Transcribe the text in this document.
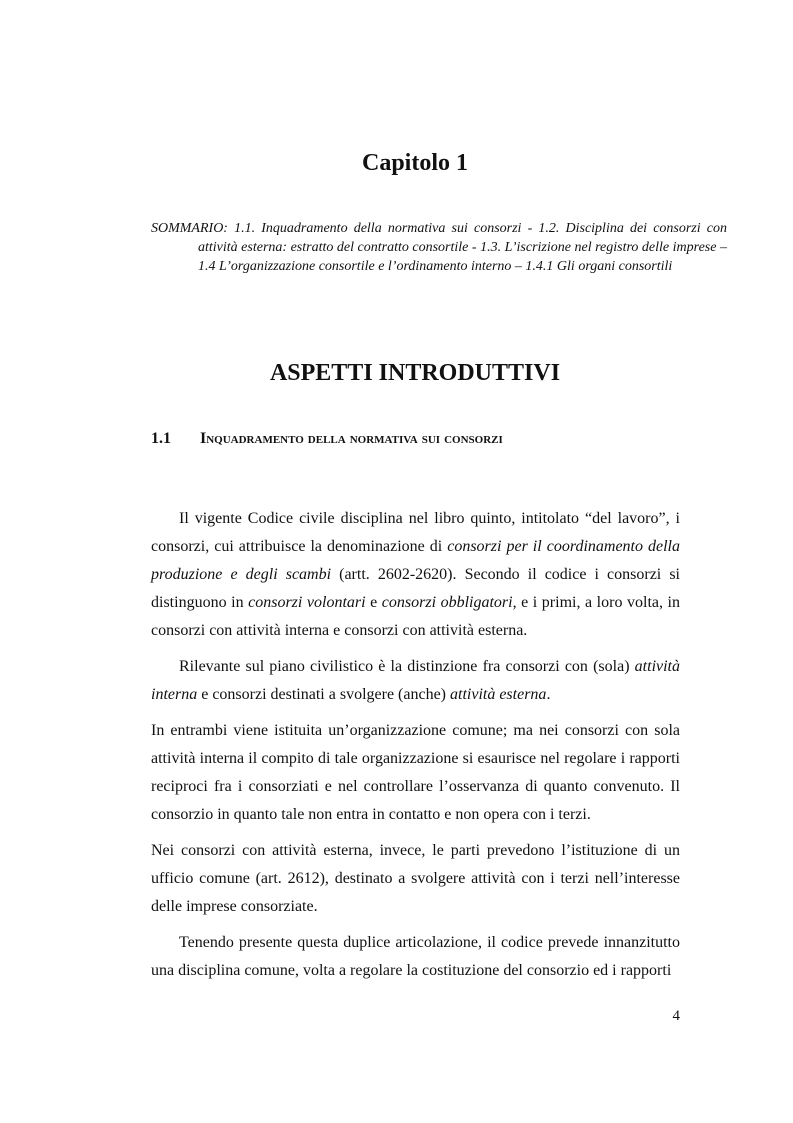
Capitolo 1

SOMMARIO: 1.1. Inquadramento della normativa sui consorzi - 1.2. Disciplina dei consorzi con attività esterna: estratto del contratto consortile - 1.3. L’iscrizione nel registro delle imprese – 1.4 L’organizzazione consortile e l’ordinamento interno – 1.4.1 Gli organi consortili

ASPETTI INTRODUTTIVI
1.1	Inquadramento della normativa sui consorzi

Il vigente Codice civile disciplina nel libro quinto, intitolato “del lavoro”, i consorzi, cui attribuisce la denominazione di consorzi per il coordinamento della produzione e degli scambi (artt. 2602-2620). Secondo il codice i consorzi si distinguono in consorzi volontari e consorzi obbligatori, e i primi, a loro volta, in consorzi con attività interna e consorzi con attività esterna.

Rilevante sul piano civilistico è la distinzione fra consorzi con (sola) attività interna e consorzi destinati a svolgere (anche) attività esterna.

In entrambi viene istituita un’organizzazione comune; ma nei consorzi con sola attività interna il compito di tale organizzazione si esaurisce nel regolare i rapporti reciproci fra i consorziati e nel controllare l’osservanza di quanto convenuto. Il consorzio in quanto tale non entra in contatto e non opera con i terzi.

Nei consorzi con attività esterna, invece, le parti prevedono l’istituzione di un ufficio comune (art. 2612), destinato a svolgere attività con i terzi nell’interesse delle imprese consorziate.

Tenendo presente questa duplice articolazione, il codice prevede innanzitutto una disciplina comune, volta a regolare la costituzione del consorzio ed i rapporti

4
